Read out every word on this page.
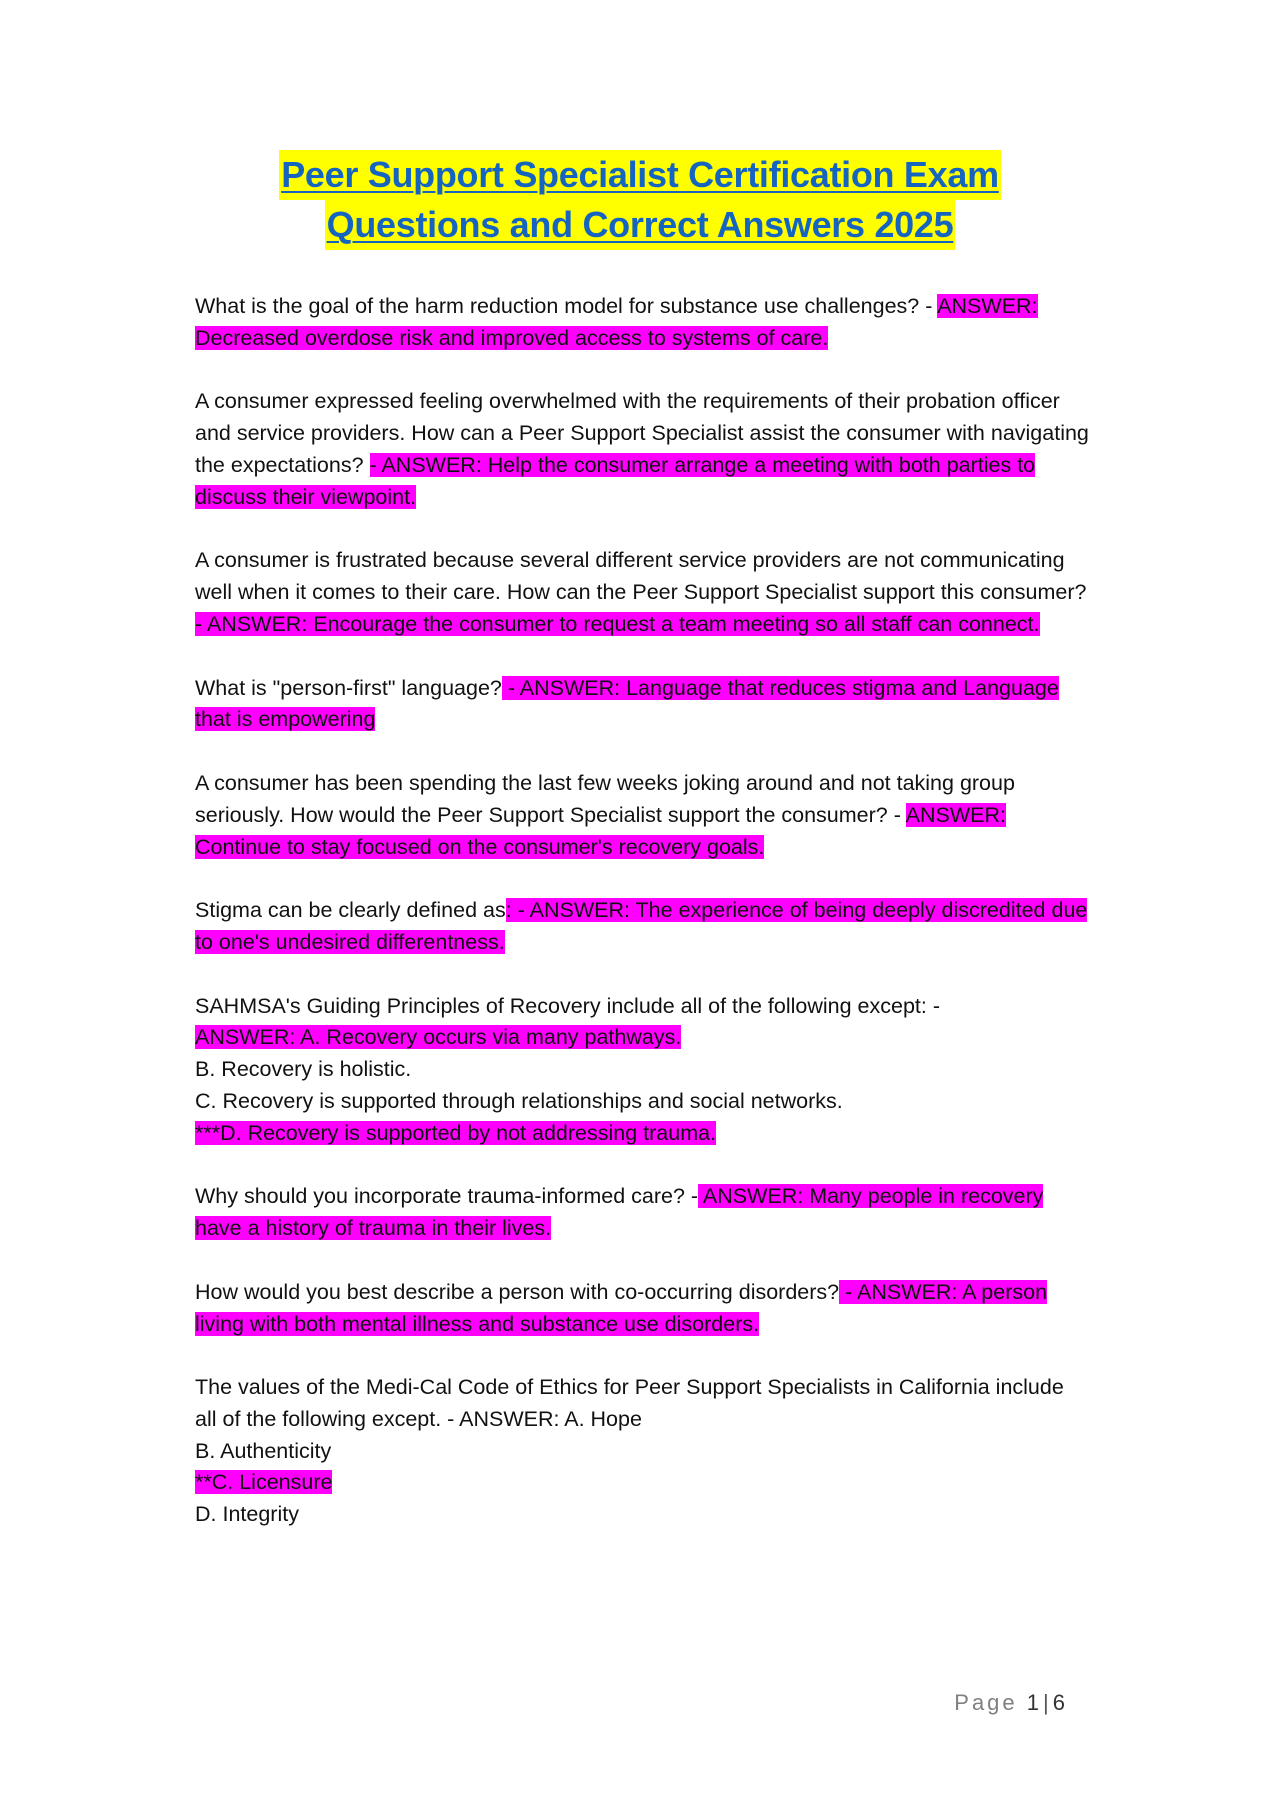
Peer Support Specialist Certification Exam
Questions and Correct Answers 2025

What is the goal of the harm reduction model for substance use challenges? - ANSWER: Decreased overdose risk and improved access to systems of care.

A consumer expressed feeling overwhelmed with the requirements of their probation officer and service providers. How can a Peer Support Specialist assist the consumer with navigating the expectations? - ANSWER: Help the consumer arrange a meeting with both parties to discuss their viewpoint.

A consumer is frustrated because several different service providers are not communicating well when it comes to their care. How can the Peer Support Specialist support this consumer? - ANSWER: Encourage the consumer to request a team meeting so all staff can connect.

What is "person-first" language? - ANSWER: Language that reduces stigma and Language that is empowering

A consumer has been spending the last few weeks joking around and not taking group seriously. How would the Peer Support Specialist support the consumer? - ANSWER: Continue to stay focused on the consumer's recovery goals.

Stigma can be clearly defined as: - ANSWER: The experience of being deeply discredited due to one's undesired differentness.

SAHMSA's Guiding Principles of Recovery include all of the following except: -
ANSWER: A. Recovery occurs via many pathways.
B. Recovery is holistic.
C. Recovery is supported through relationships and social networks.
***D. Recovery is supported by not addressing trauma.

Why should you incorporate trauma-informed care? - ANSWER: Many people in recovery have a history of trauma in their lives.

How would you best describe a person with co-occurring disorders? - ANSWER: A person living with both mental illness and substance use disorders.

The values of the Medi-Cal Code of Ethics for Peer Support Specialists in California include all of the following except. - ANSWER: A. Hope
B. Authenticity
**C. Licensure
D. Integrity

Page 1 | 6
